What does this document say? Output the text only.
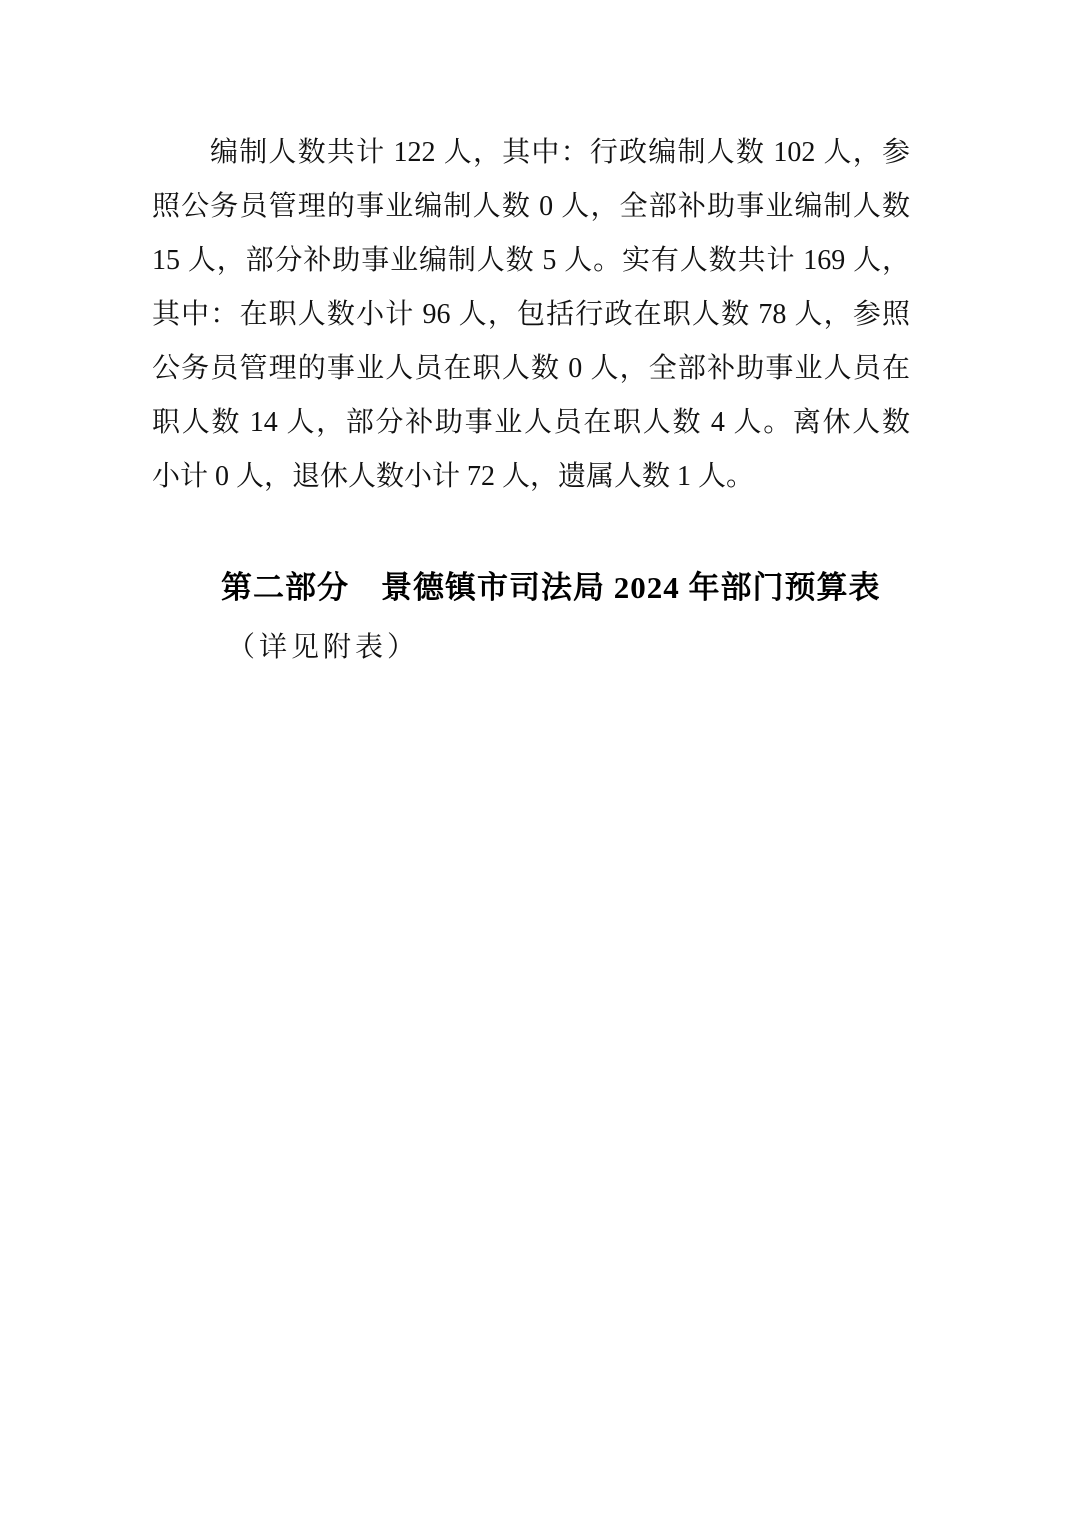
编制人数共计 122 人，其中：行政编制人数 102 人，参
照公务员管理的事业编制人数 0 人，全部补助事业编制人数
15 人，部分补助事业编制人数 5 人。实有人数共计 169 人，
其中：在职人数小计 96 人，包括行政在职人数 78 人，参照
公务员管理的事业人员在职人数 0 人，全部补助事业人员在
职人数 14 人，部分补助事业人员在职人数 4 人。离休人数
小计 0 人，退休人数小计 72 人，遗属人数 1 人。
第二部分　景德镇市司法局 2024 年部门预算表
（详见附表）
